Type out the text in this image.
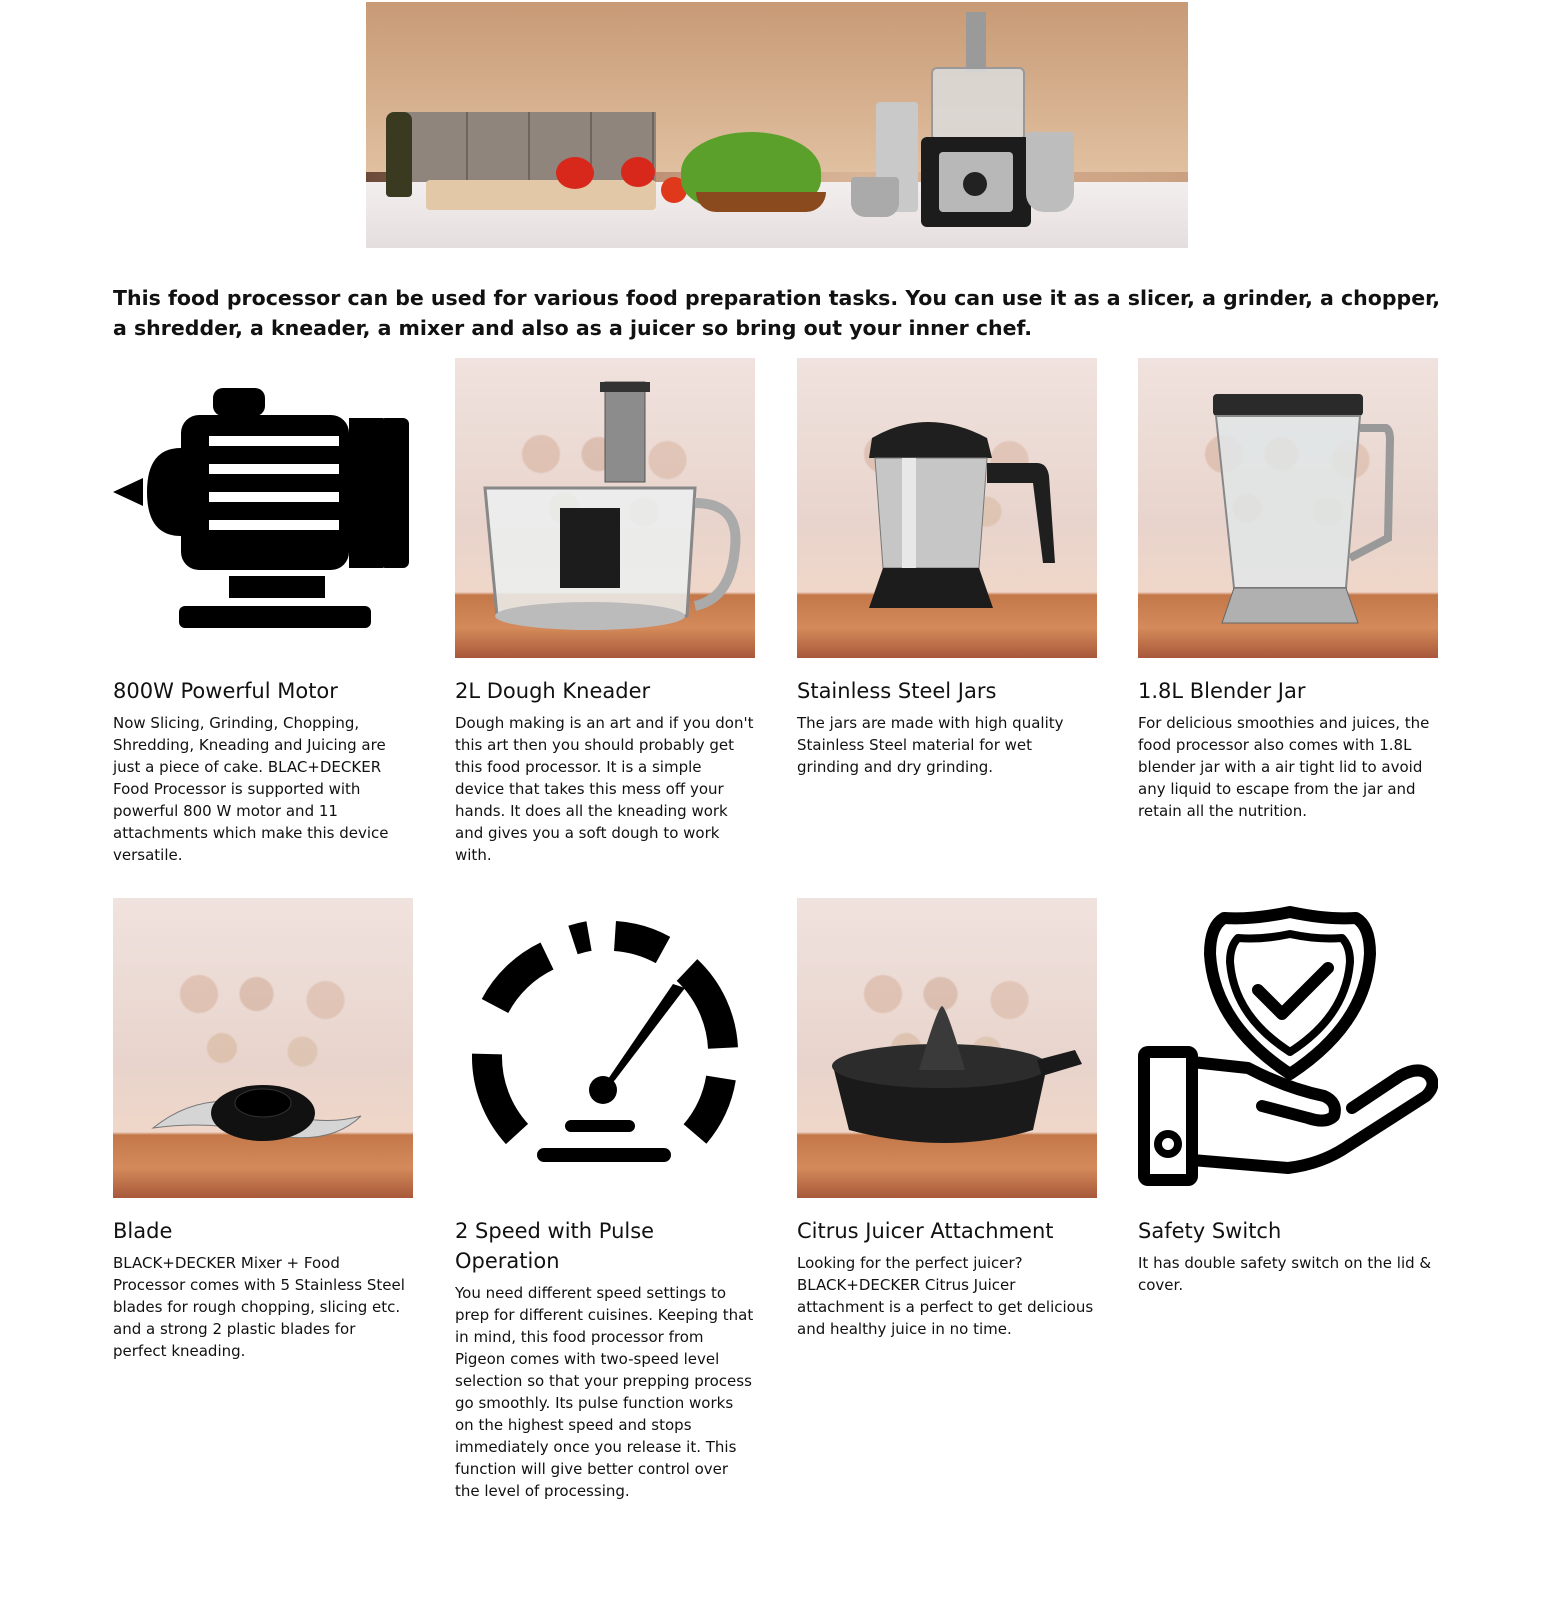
This food processor can be used for various food preparation tasks. You can use it as a slicer, a grinder, a chopper, a shredder, a kneader, a mixer and also as a juicer so bring out your inner chef.

800W Powerful Motor

Now Slicing, Grinding, Chopping, Shredding, Kneading and Juicing are just a piece of cake. BLAC+DECKER Food Processor is supported with powerful 800 W motor and 11 attachments which make this device versatile.

2L Dough Kneader

Dough making is an art and if you don't this art then you should probably get this food processor. It is a simple device that takes this mess off your hands. It does all the kneading work and gives you a soft dough to work with.

Stainless Steel Jars

The jars are made with high quality Stainless Steel material for wet grinding and dry grinding.

1.8L Blender Jar

For delicious smoothies and juices, the food processor also comes with 1.8L blender jar with a air tight lid to avoid any liquid to escape from the jar and retain all the nutrition.

Blade

BLACK+DECKER Mixer + Food Processor comes with 5 Stainless Steel blades for rough chopping, slicing etc. and a strong 2 plastic blades for perfect kneading.

2 Speed with Pulse Operation

You need different speed settings to prep for different cuisines. Keeping that in mind, this food processor from Pigeon comes with two-speed level selection so that your prepping process go smoothly. Its pulse function works on the highest speed and stops immediately once you release it. This function will give better control over the level of processing.

Citrus Juicer Attachment

Looking for the perfect juicer? BLACK+DECKER Citrus Juicer attachment is a perfect to get delicious and healthy juice in no time.

Safety Switch

It has double safety switch on the lid & cover.
